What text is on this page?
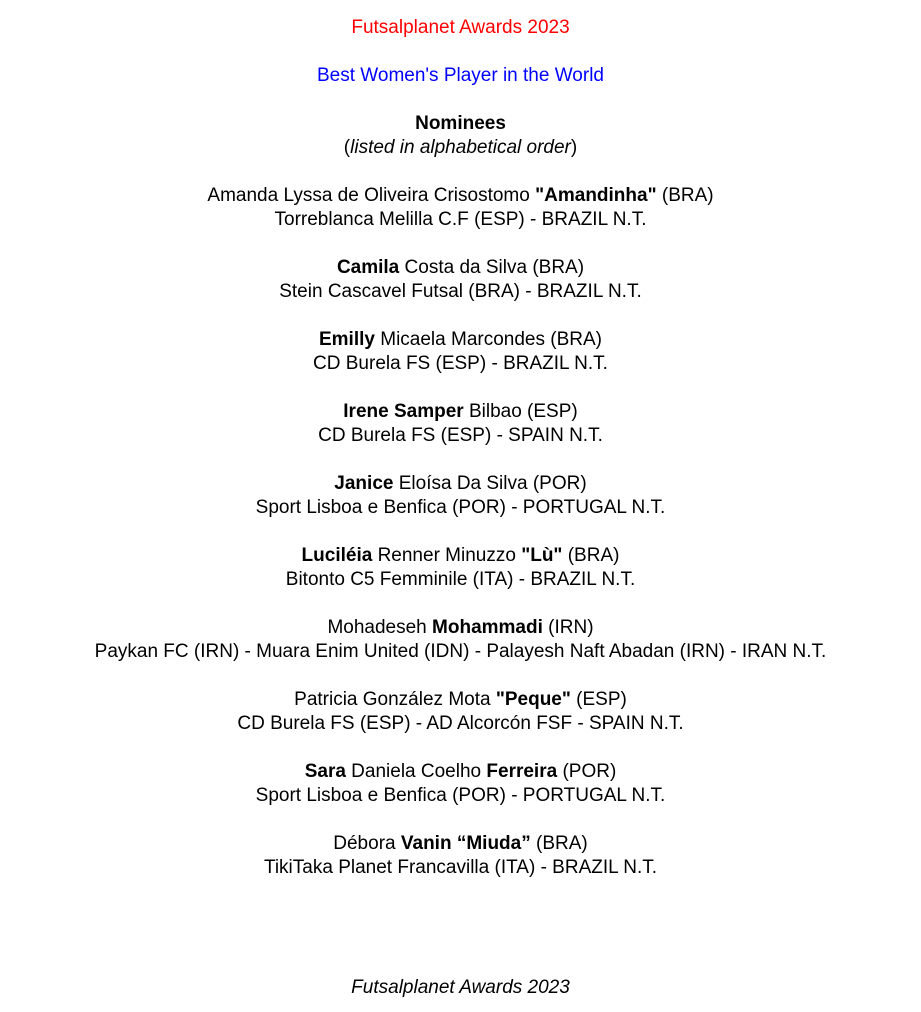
Futsalplanet Awards 2023
Best Women's Player in the World
Nominees
(listed in alphabetical order)
Amanda Lyssa de Oliveira Crisostomo "Amandinha" (BRA)
Torreblanca Melilla C.F (ESP) - BRAZIL N.T.
Camila Costa da Silva (BRA)
Stein Cascavel Futsal (BRA) - BRAZIL N.T.
Emilly Micaela Marcondes (BRA)
CD Burela FS (ESP) - BRAZIL N.T.
Irene Samper Bilbao (ESP)
CD Burela FS (ESP) - SPAIN N.T.
Janice Eloísa Da Silva (POR)
Sport Lisboa e Benfica (POR) - PORTUGAL N.T.
Luciléia Renner Minuzzo "Lù" (BRA)
Bitonto C5 Femminile (ITA) - BRAZIL N.T.
Mohadeseh Mohammadi (IRN)
Paykan FC (IRN) - Muara Enim United (IDN) - Palayesh Naft Abadan (IRN) - IRAN N.T.
Patricia González Mota "Peque" (ESP)
CD Burela FS (ESP) - AD Alcorcón FSF - SPAIN N.T.
Sara Daniela Coelho Ferreira (POR)
Sport Lisboa e Benfica (POR) - PORTUGAL N.T.
Débora Vanin “Miuda” (BRA)
TikiTaka Planet Francavilla (ITA) - BRAZIL N.T.
Futsalplanet Awards 2023
